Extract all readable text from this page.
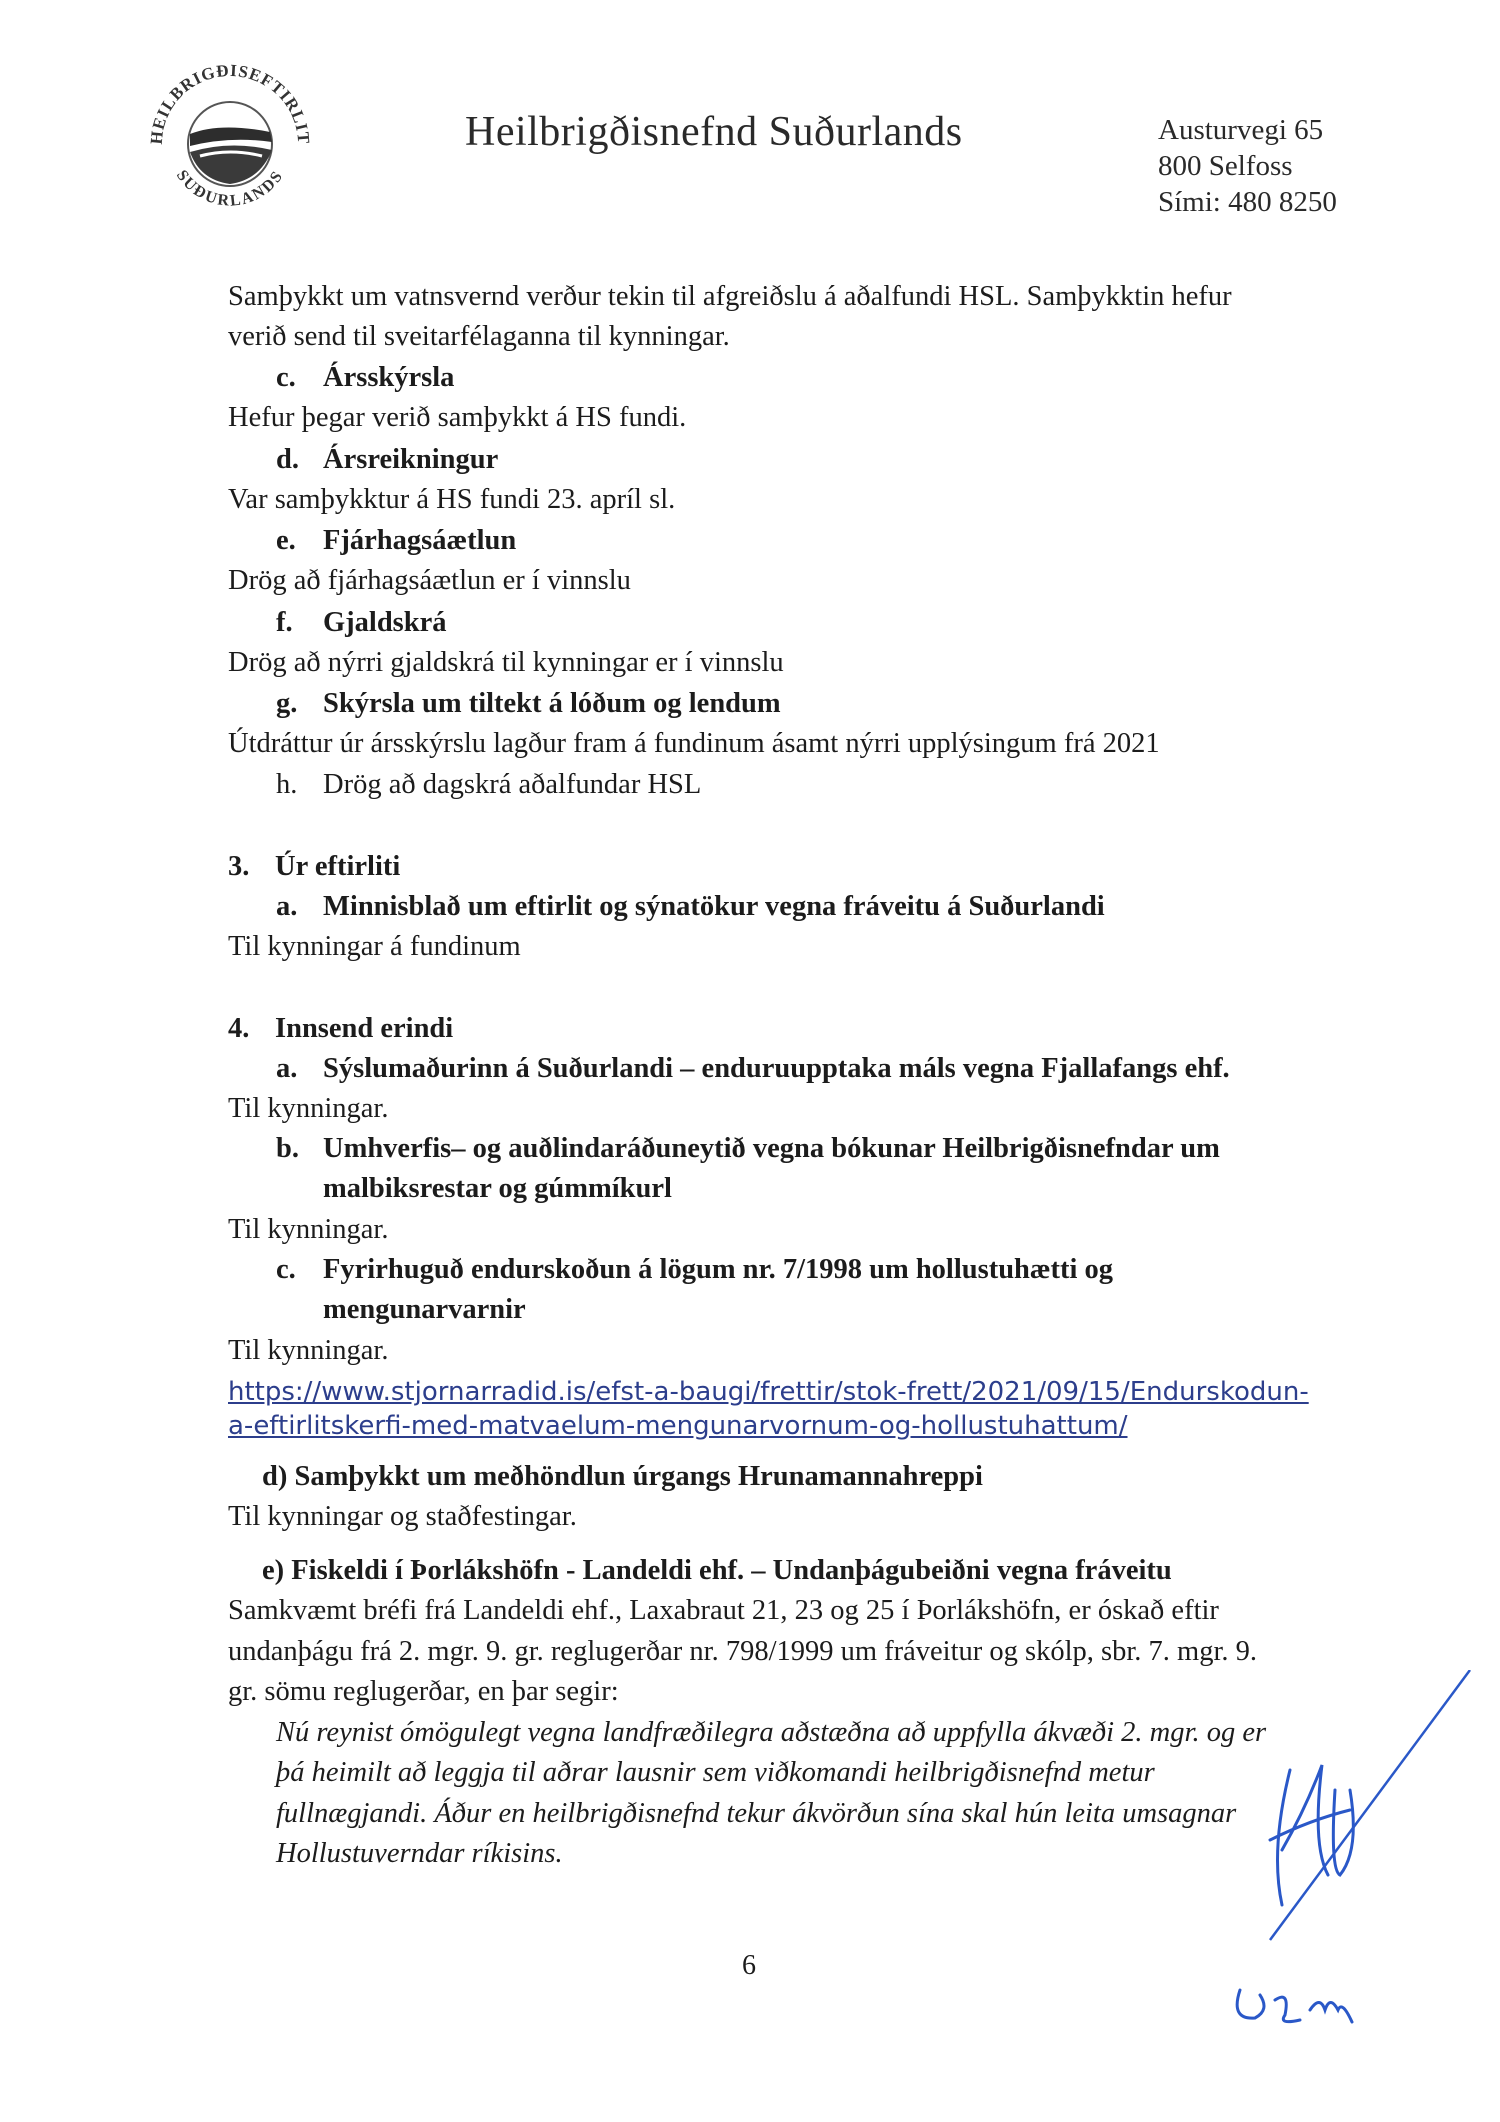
HEILBRIGÐISEFTIRLIT
SUÐURLANDS
Heilbrigðisnefnd Suðurlands	Austurvegi 65
800 Selfoss
Sími: 480 8250
Samþykkt um vatnsvernd verður tekin til afgreiðslu á aðalfundi HSL. Samþykktin hefur
verið send til sveitarfélaganna til kynningar.
c. Ársskýrsla
Hefur þegar verið samþykkt á HS fundi.
d. Ársreikningur
Var samþykktur á HS fundi 23. apríl sl.
e. Fjárhagsáætlun
Drög að fjárhagsáætlun er í vinnslu
f. Gjaldskrá
Drög að nýrri gjaldskrá til kynningar er í vinnslu
g. Skýrsla um tiltekt á lóðum og lendum
Útdráttur úr ársskýrslu lagður fram á fundinum ásamt nýrri upplýsingum frá 2021
h. Drög að dagskrá aðalfundar HSL
3. Úr eftirliti
a. Minnisblað um eftirlit og sýnatökur vegna fráveitu á Suðurlandi
Til kynningar á fundinum
4. Innsend erindi
a. Sýslumaðurinn á Suðurlandi – enduruupptaka máls vegna Fjallafangs ehf.
Til kynningar.
b. Umhverfis– og auðlindaráðuneytið vegna bókunar Heilbrigðisnefndar um
malbiksrestar og gúmmíkurl
Til kynningar.
c. Fyrirhuguð endurskoðun á lögum nr. 7/1998 um hollustuhætti og
mengunarvarnir
Til kynningar.
https://www.stjornarradid.is/efst-a-baugi/frettir/stok-frett/2021/09/15/Endurskodun-
a-eftirlitskerfi-med-matvaelum-mengunarvornum-og-hollustuhattum/
d) Samþykkt um meðhöndlun úrgangs Hrunamannahreppi
Til kynningar og staðfestingar.
e) Fiskeldi í Þorlákshöfn - Landeldi ehf. – Undanþágubeiðni vegna fráveitu
Samkvæmt bréfi frá Landeldi ehf., Laxabraut 21, 23 og 25 í Þorlákshöfn, er óskað eftir
undanþágu frá 2. mgr. 9. gr. reglugerðar nr. 798/1999 um fráveitur og skólp, sbr. 7. mgr. 9.
gr. sömu reglugerðar, en þar segir:
Nú reynist ómögulegt vegna landfræðilegra aðstæðna að uppfylla ákvæði 2. mgr. og er
þá heimilt að leggja til aðrar lausnir sem viðkomandi heilbrigðisnefnd metur
fullnægjandi. Áður en heilbrigðisnefnd tekur ákvörðun sína skal hún leita umsagnar
Hollustuverndar ríkisins.
6
